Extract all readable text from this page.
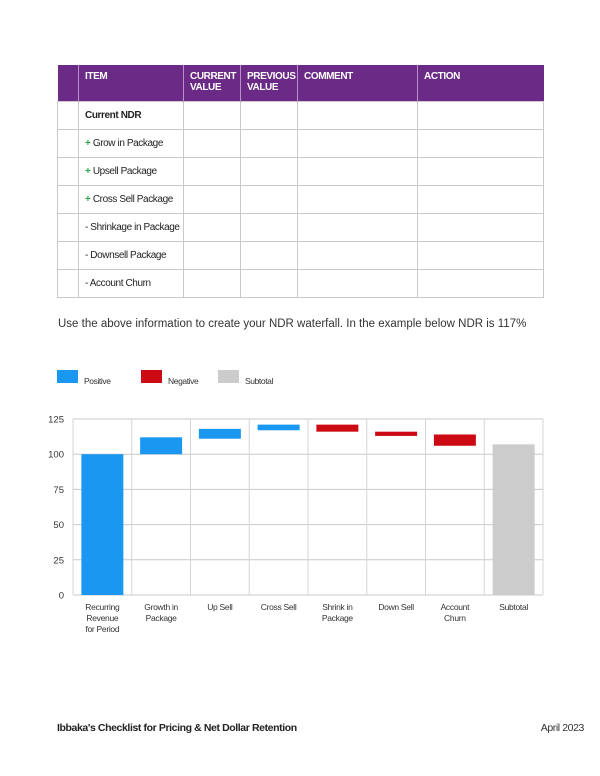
	ITEM	CURRENT VALUE	PREVIOUS VALUE	COMMENT	ACTION
	Current NDR				
	+ Grow in Package				
	+ Upsell Package				
	+ Cross Sell Package				
	- Shrinkage in Package				
	- Downsell Package				
	- Account Churn				
Use the above information to create your NDR waterfall. In the example below NDR is 117%
Positive	Negative	Subtotal
0
25
50
75
100
125
Recurring
Revenue
for Period
Growth in
Package
Up Sell	Cross Sell	Shrink in
Package
Down Sell	Account
Churn
Subtotal
Ibbaka's Checklist for Pricing & Net Dollar Retention	April 2023
